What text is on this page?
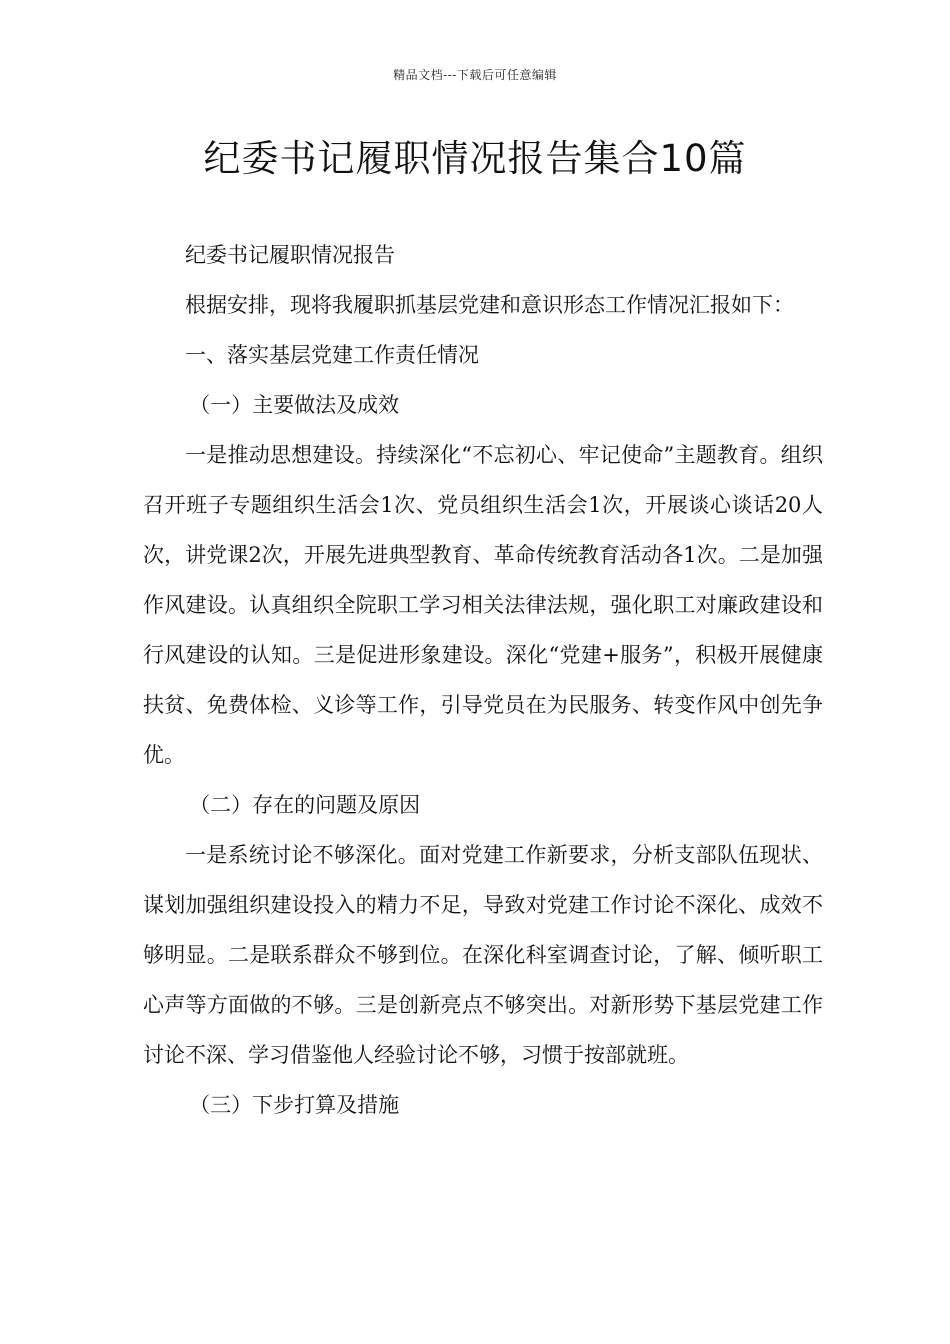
精品文档---下载后可任意编辑
纪委书记履职情况报告集合10篇

纪委书记履职情况报告

根据安排，现将我履职抓基层党建和意识形态工作情况汇报如下：

一、落实基层党建工作责任情况

（一）主要做法及成效

一是推动思想建设。持续深化“不忘初心、牢记使命”主题教育。组织召开班子专题组织生活会1次、党员组织生活会1次，开展谈心谈话20人次，讲党课2次，开展先进典型教育、革命传统教育活动各1次。二是加强作风建设。认真组织全院职工学习相关法律法规，强化职工对廉政建设和行风建设的认知。三是促进形象建设。深化“党建+服务”，积极开展健康扶贫、免费体检、义诊等工作，引导党员在为民服务、转变作风中创先争优。

（二）存在的问题及原因

一是系统讨论不够深化。面对党建工作新要求，分析支部队伍现状、谋划加强组织建设投入的精力不足，导致对党建工作讨论不深化、成效不够明显。二是联系群众不够到位。在深化科室调查讨论，了解、倾听职工心声等方面做的不够。三是创新亮点不够突出。对新形势下基层党建工作讨论不深、学习借鉴他人经验讨论不够，习惯于按部就班。

（三）下步打算及措施
